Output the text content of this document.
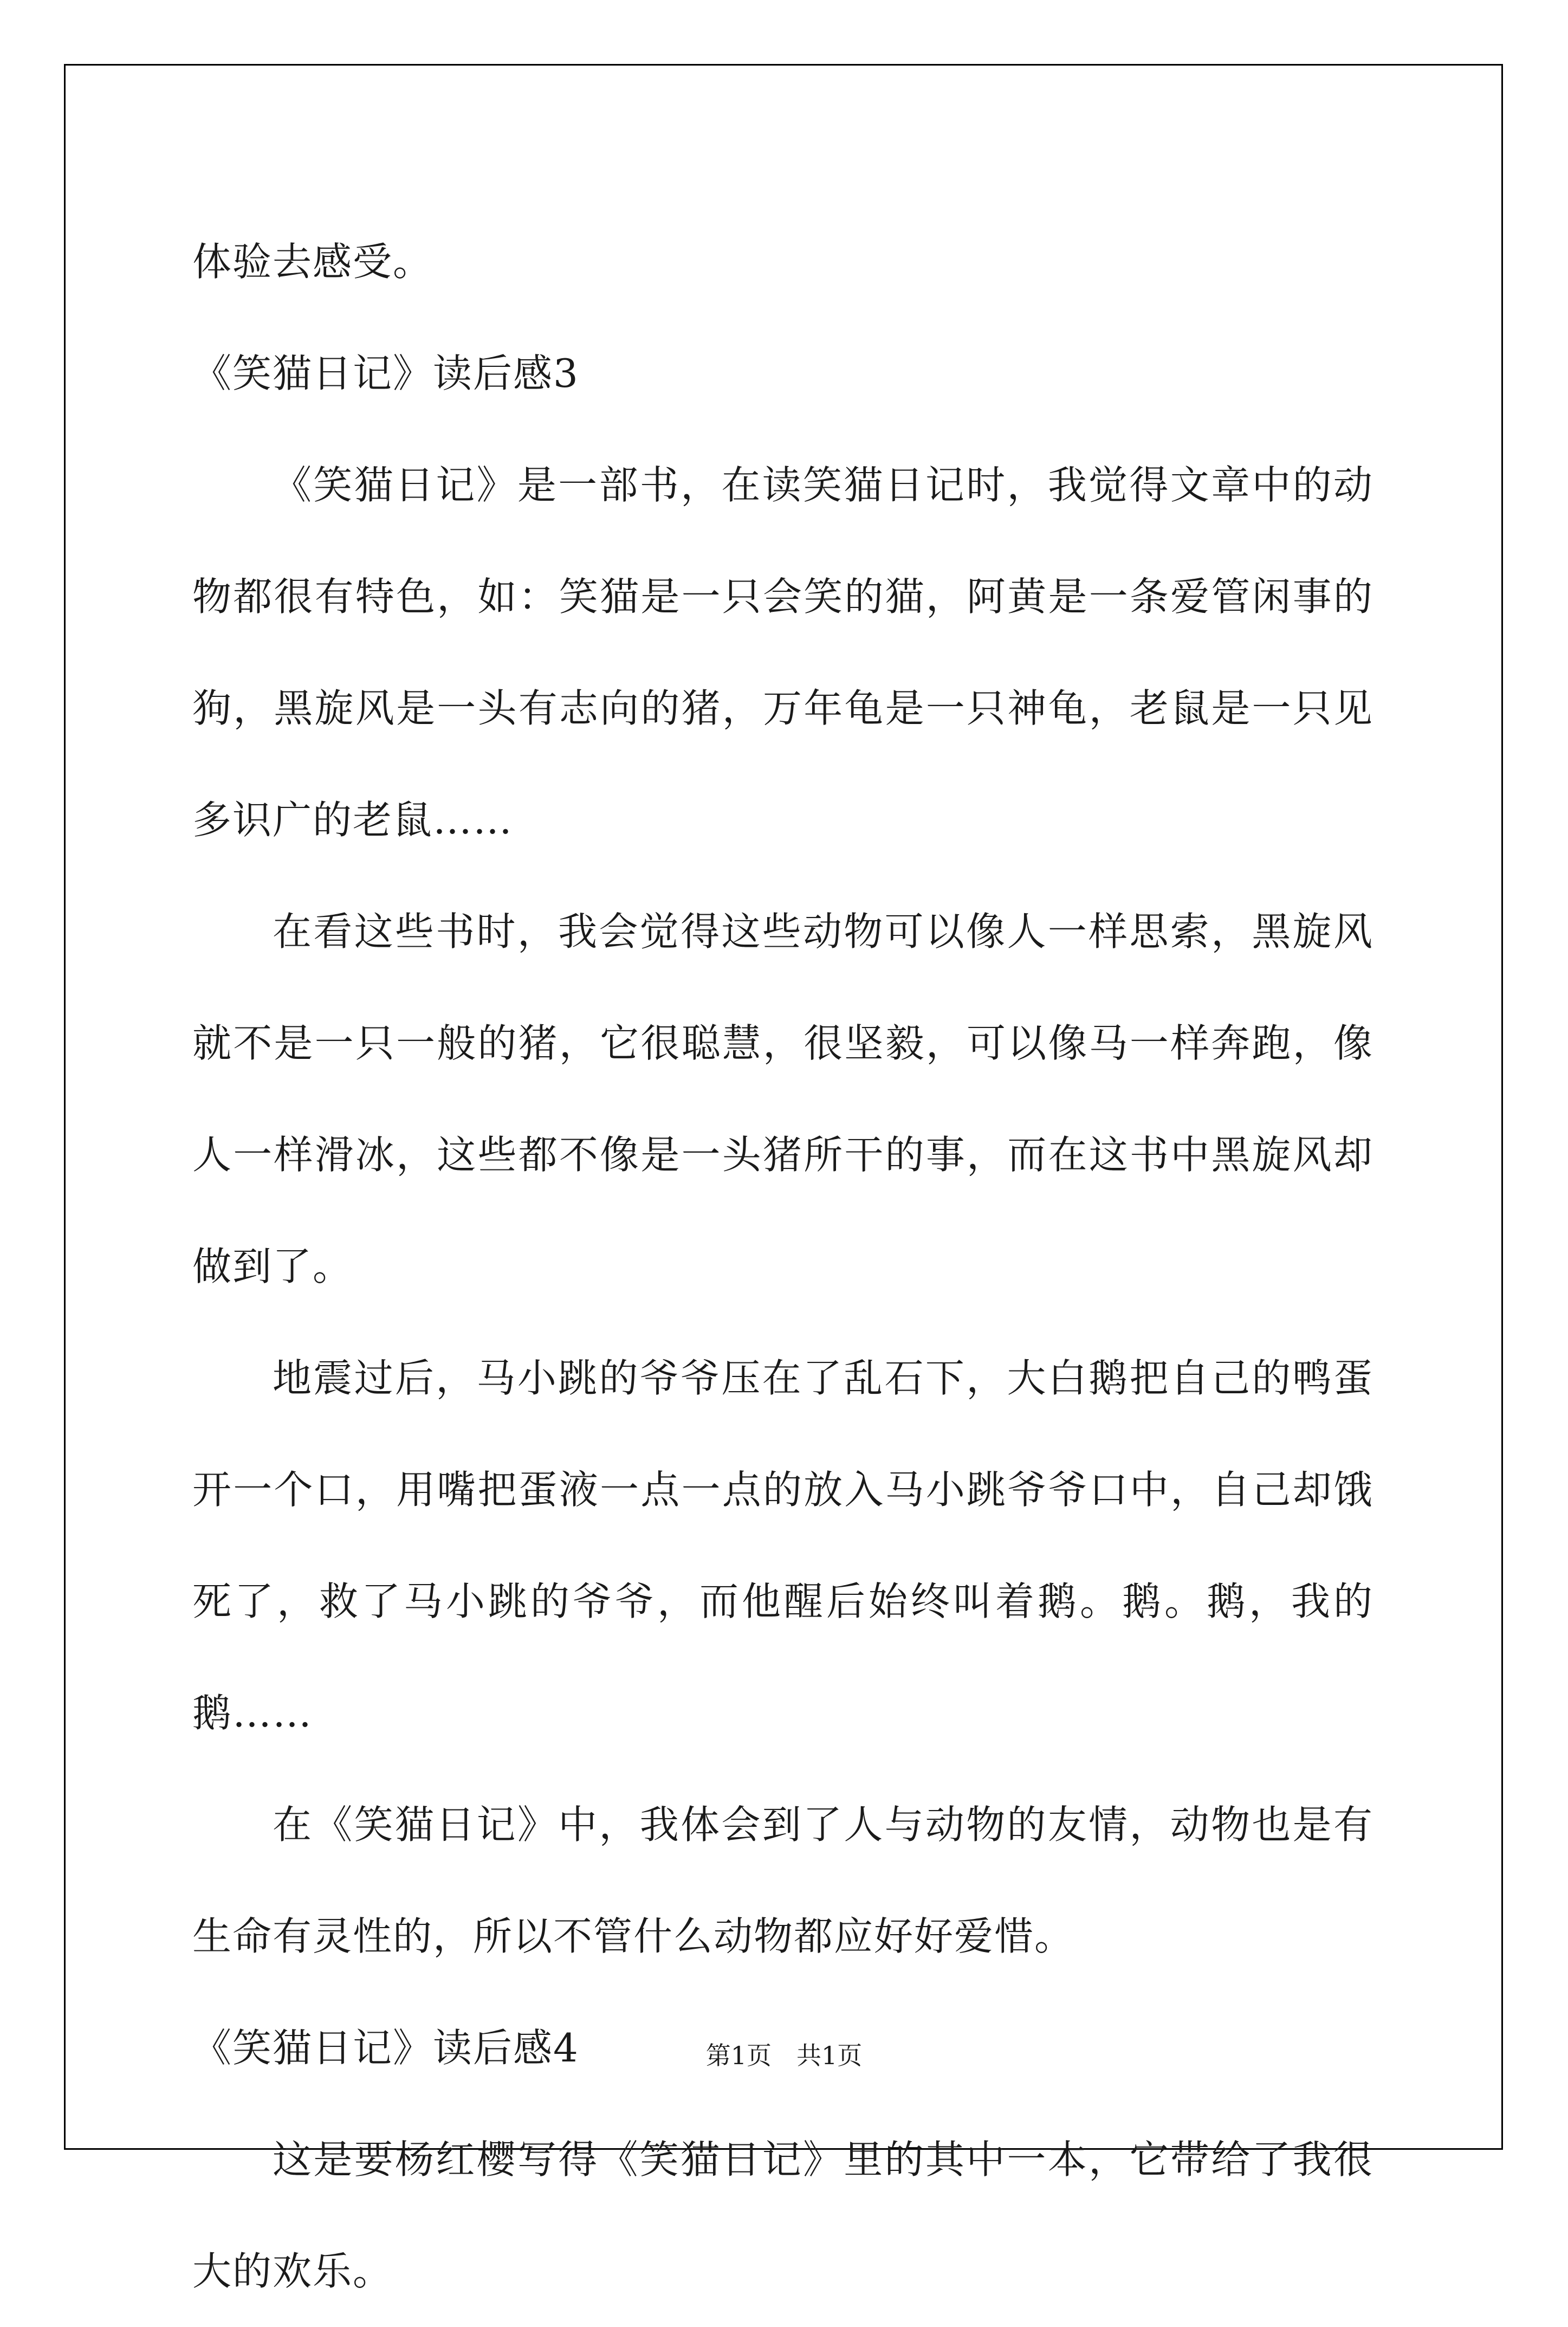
体验去感受。

《笑猫日记》读后感3

《笑猫日记》是一部书，在读笑猫日记时，我觉得文章中的动物都很有特色，如：笑猫是一只会笑的猫，阿黄是一条爱管闲事的狗，黑旋风是一头有志向的猪，万年龟是一只神龟，老鼠是一只见多识广的老鼠……

在看这些书时，我会觉得这些动物可以像人一样思索，黑旋风就不是一只一般的猪，它很聪慧，很坚毅，可以像马一样奔跑，像人一样滑冰，这些都不像是一头猪所干的事，而在这书中黑旋风却做到了。

地震过后，马小跳的爷爷压在了乱石下，大白鹅把自己的鸭蛋开一个口，用嘴把蛋液一点一点的放入马小跳爷爷口中，自己却饿死了，救了马小跳的爷爷，而他醒后始终叫着鹅。鹅。鹅，我的鹅……

在《笑猫日记》中，我体会到了人与动物的友情，动物也是有生命有灵性的，所以不管什么动物都应好好爱惜。

《笑猫日记》读后感4

这是要杨红樱写得《笑猫日记》里的其中一本，它带给了我很大的欢乐。

第1页 共1页
